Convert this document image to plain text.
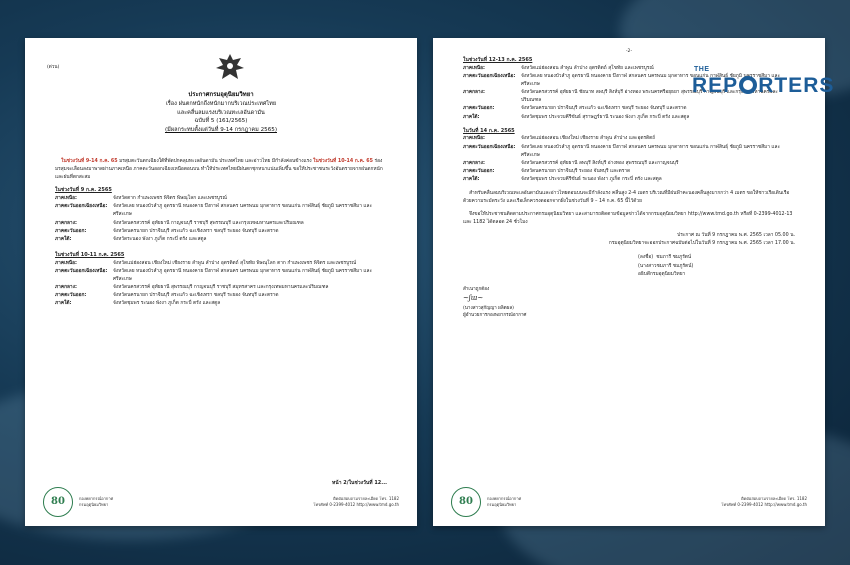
(ด่วน)
ประกาศกรมอุตุนิยมวิทยา
เรื่อง ฝนตกหนักถึงหนักมากบริเวณประเทศไทย
และคลื่นลมแรงบริเวณทะเลอันดามัน
ฉบับที่ 5 (161/2565)
(มีผลกระทบตั้งแต่วันที่ 9-14 กรกฎาคม 2565)
ในช่วงวันที่ 9-14 ก.ค. 65 มรสุมตะวันตกเฉียงใต้ที่พัดปกคลุมทะเลอันดามัน ประเทศไทย และอ่าวไทย มีกำลังค่อนข้างแรง ในช่วงวันที่ 10-14 ก.ค. 65 ร่องมรสุมจะเลื่อนลงมาพาดผ่านภาคเหนือ ภาคตะวันออกเฉียงเหนือตอนบน ทำให้ประเทศไทยมีฝนตกชุกหนาแน่นเพิ่มขึ้น ขอให้ประชาชนระวังอันตรายจากฝนตกหนักและฝนที่ตกสะสม
ในช่วงวันที่ 9 ก.ค. 2565
ภาคเหนือ:	จังหวัดตาก กำแพงเพชร พิจิตร พิษณุโลก และเพชรบูรณ์
ภาคตะวันออกเฉียงเหนือ:	จังหวัดเลย หนองบัวลำภู อุดรธานี หนองคาย บึงกาฬ สกลนคร นครพนม มุกดาหาร ขอนแก่น กาฬสินธุ์ ชัยภูมิ นครราชสีมา และศรีสะเกษ
ภาคกลาง:	จังหวัดนครสวรรค์ อุทัยธานี กาญจนบุรี ราชบุรี สุพรรณบุรี และกรุงเทพมหานครและปริมณฑล
ภาคตะวันออก:	จังหวัดนครนายก ปราจีนบุรี สระแก้ว ฉะเชิงเทรา ชลบุรี ระยอง จันทบุรี และตราด
ภาคใต้:	จังหวัดระนอง พังงา ภูเก็ต กระบี่ ตรัง และสตูล
ในช่วงวันที่ 10-11 ก.ค. 2565
ภาคเหนือ:	จังหวัดแม่ฮ่องสอน เชียงใหม่ เชียงราย ลำพูน ลำปาง อุตรดิตถ์ สุโขทัย พิษณุโลก ตาก กำแพงเพชร พิจิตร และเพชรบูรณ์
ภาคตะวันออกเฉียงเหนือ:	จังหวัดเลย หนองบัวลำภู อุดรธานี หนองคาย บึงกาฬ สกลนคร นครพนม มุกดาหาร ขอนแก่น กาฬสินธุ์ ชัยภูมิ นครราชสีมา และศรีสะเกษ
ภาคกลาง:	จังหวัดนครสวรรค์ อุทัยธานี สุพรรณบุรี กาญจนบุรี ราชบุรี สมุทรสาคร และกรุงเทพมหานครและปริมณฑล
ภาคตะวันออก:	จังหวัดนครนายก ปราจีนบุรี สระแก้ว ฉะเชิงเทรา ชลบุรี ระยอง จันทบุรี และตราด
ภาคใต้:	จังหวัดชุมพร ระนอง พังงา ภูเก็ต กระบี่ ตรัง และสตูล
หน้า 2/ในช่วงวันที่ 12...
80	กองพยากรณ์อากาศ
กรมอุตุนิยมวิทยา
ติดต่อสอบถามรายละเอียด โทร. 1182
โทรศัพท์ 0-2399-4012 http://www.tmd.go.th
-2-
ในช่วงวันที่ 12-13 ก.ค. 2565
ภาคเหนือ:	จังหวัดแม่ฮ่องสอน ลำพูน ลำปาง อุตรดิตถ์ สุโขทัย และเพชรบูรณ์
ภาคตะวันออกเฉียงเหนือ:	จังหวัดเลย หนองบัวลำภู อุดรธานี หนองคาย บึงกาฬ สกลนคร นครพนม มุกดาหาร ขอนแก่น กาฬสินธุ์ ชัยภูมิ นครราชสีมา และศรีสะเกษ
ภาคกลาง:	จังหวัดนครสวรรค์ อุทัยธานี ชัยนาท ลพบุรี สิงห์บุรี อ่างทอง พระนครศรีอยุธยา สุพรรณบุรี กาญจนบุรี และกรุงเทพมหานครและปริมณฑล
ภาคตะวันออก:	จังหวัดนครนายก ปราจีนบุรี สระแก้ว ฉะเชิงเทรา ชลบุรี ระยอง จันทบุรี และตราด
ภาคใต้:	จังหวัดชุมพร ประจวบคีรีขันธ์ สุราษฎร์ธานี ระนอง พังงา ภูเก็ต กระบี่ ตรัง และสตูล
ในวันที่ 14 ก.ค. 2565
ภาคเหนือ:	จังหวัดแม่ฮ่องสอน เชียงใหม่ เชียงราย ลำพูน ลำปาง และอุตรดิตถ์
ภาคตะวันออกเฉียงเหนือ:	จังหวัดเลย หนองบัวลำภู อุดรธานี หนองคาย บึงกาฬ สกลนคร นครพนม มุกดาหาร ขอนแก่น กาฬสินธุ์ ชัยภูมิ นครราชสีมา และศรีสะเกษ
ภาคกลาง:	จังหวัดนครสวรรค์ อุทัยธานี ลพบุรี สิงห์บุรี อ่างทอง สุพรรณบุรี และกาญจนบุรี
ภาคตะวันออก:	จังหวัดนครนายก ปราจีนบุรี ระยอง จันทบุรี และตราด
ภาคใต้:	จังหวัดชุมพร ประจวบคีรีขันธ์ ระนอง พังงา ภูเก็ต กระบี่ ตรัง และสตูล
สำหรับคลื่นลมบริเวณทะเลอันดามันและอ่าวไทยตอนบนจะมีกำลังแรง คลื่นสูง 2-4 เมตร บริเวณที่มีฝนฟ้าคะนองคลื่นสูงมากกว่า 4 เมตร ขอให้ชาวเรือเดินเรือด้วยความระมัดระวัง และเรือเล็กควรงดออกจากฝั่งในช่วงวันที่ 9 – 14 ก.ค. 65 นี้ไว้ด้วย
จึงขอให้ประชาชนติดตามประกาศกรมอุตุนิยมวิทยา และสามารถติดตามข้อมูลข่าวได้จากกรมอุตุนิยมวิทยา http://www.tmd.go.th หรือที่ 0-2399-4012-13 และ 1182 ได้ตลอด 24 ชั่วโมง
ประกาศ ณ วันที่ 9 กรกฎาคม พ.ศ. 2565 เวลา 05.00 น.
กรมอุตุนิยมวิทยาจะออกประกาศฉบับต่อไปในวันที่ 9 กรกฎาคม พ.ศ. 2565 เวลา 17.00 น.
(ลงชื่อ) ชมภารี ชมภูรัตน์
(นางสาวชมภารี ชมภูรัตน์)
อธิบดีกรมอุตุนิยมวิทยา
สำเนาถูกต้อง
~ʃɯ~
(นางสาวสุกัญญา ผลิตผล)
ผู้อำนวยการกองพยากรณ์อากาศ
80	กองพยากรณ์อากาศ
กรมอุตุนิยมวิทยา
ติดต่อสอบถามรายละเอียด โทร. 1182
โทรศัพท์ 0-2399-4012 http://www.tmd.go.th
THE
REP RTERS
